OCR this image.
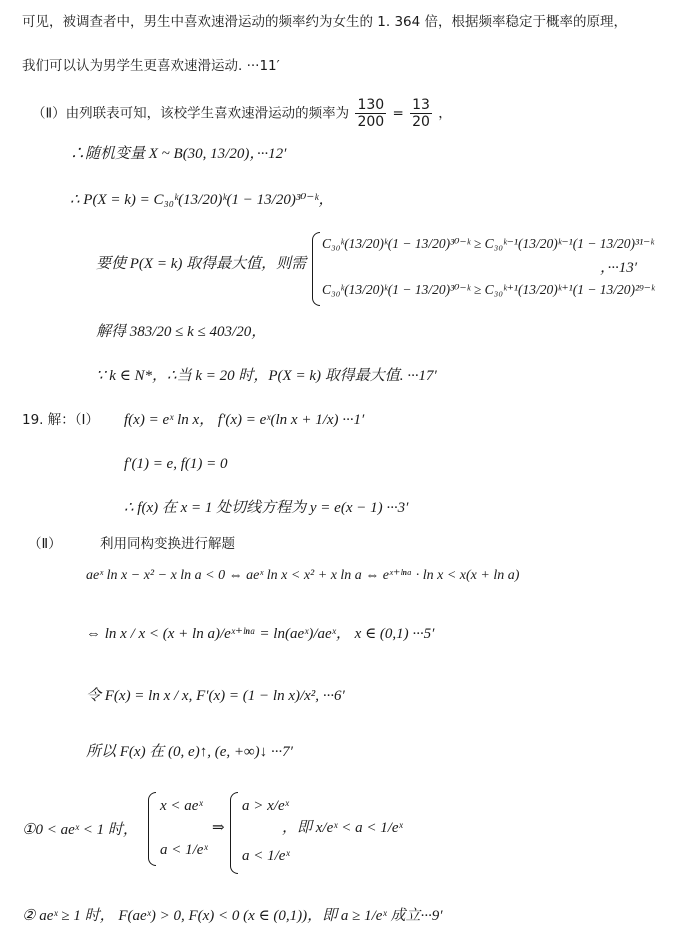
可见，被调查者中，男生中喜欢速滑运动的频率约为女生的 1. 364 倍，根据频率稳定于概率的原理，
我们可以认为男学生更喜欢速滑运动. ···11′
（Ⅱ）由列联表可知，该校学生喜欢速滑运动的频率为 $\frac{130}{200} = \frac{13}{20}$ ，
∴随机变量 X ~ B(30, 13/20)，···12′
∴ P(X = k) = C₃₀ᵏ(13/20)ᵏ(1 − 13/20)³⁰⁻ᵏ，
要使 P(X = k) 取得最大值，则需
C₃₀ᵏ(13/20)ᵏ(1 − 13/20)³⁰⁻ᵏ ≥ C₃₀ᵏ⁻¹(13/20)ᵏ⁻¹(1 − 13/20)³¹⁻ᵏ
C₃₀ᵏ(13/20)ᵏ(1 − 13/20)³⁰⁻ᵏ ≥ C₃₀ᵏ⁺¹(13/20)ᵏ⁺¹(1 − 13/20)²⁹⁻ᵏ
，···13′
解得 383/20 ≤ k ≤ 403/20，
∵ k ∈ N*，∴当 k = 20 时，P(X = k) 取得最大值. ···17′
19. 解：（Ⅰ） f(x) = eˣ ln x， f′(x) = eˣ(ln x + 1/x) ···1′
f′(1) = e, f(1) = 0
∴ f(x) 在 x = 1 处切线方程为 y = e(x − 1) ···3′
（Ⅱ）	利用同构变换进行解题
aeˣ ln x − x² − x ln a < 0 ⇔ aeˣ ln x < x² + x ln a ⇔ eˣ⁺ˡⁿᵃ · ln x < x(x + ln a)
⇔ ln x / x < (x + ln a)/eˣ⁺ˡⁿᵃ = ln(aeˣ)/aeˣ， x ∈ (0,1) ···5′
令 F(x) = ln x / x, F′(x) = (1 − ln x)/x², ···6′
所以 F(x) 在 (0, e)↑, (e, +∞)↓ ···7′
①0 < aeˣ < 1 时，
x < aeˣ
a < 1/eˣ
⇒
a > x/eˣ
a < 1/eˣ
，即 x/eˣ < a < 1/eˣ
② aeˣ ≥ 1 时， F(aeˣ) > 0, F(x) < 0 (x ∈ (0,1))，即 a ≥ 1/eˣ 成立···9′
